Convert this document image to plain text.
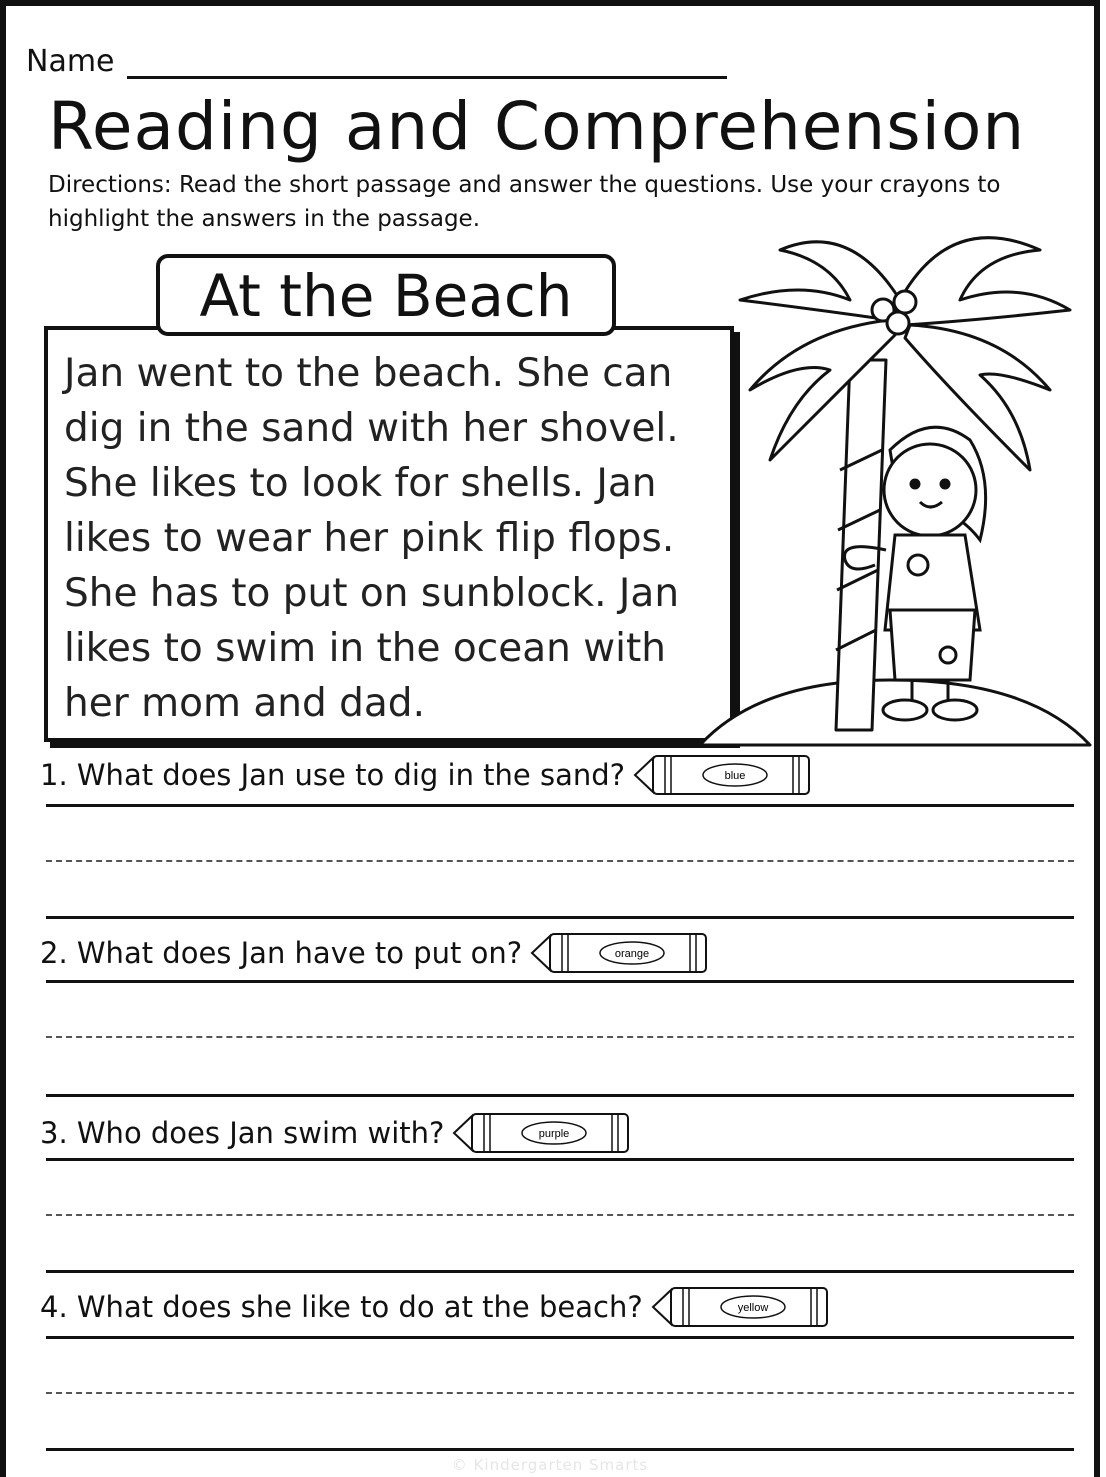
Name
Reading and Comprehension
Directions: Read the short passage and answer the questions. Use your crayons to highlight the answers in the passage.
At the Beach
Jan went to the beach. She can
dig in the sand with her shovel.
She likes to look for shells. Jan
likes to wear her pink flip flops.
She has to put on sunblock. Jan
likes to swim in the ocean with
her mom and dad.
1. What does Jan use to dig in the sand?	blue
2. What does Jan have to put on?	orange
3. Who does Jan swim with?	purple
4. What does she like to do at the beach?	yellow
© Kindergarten Smarts
